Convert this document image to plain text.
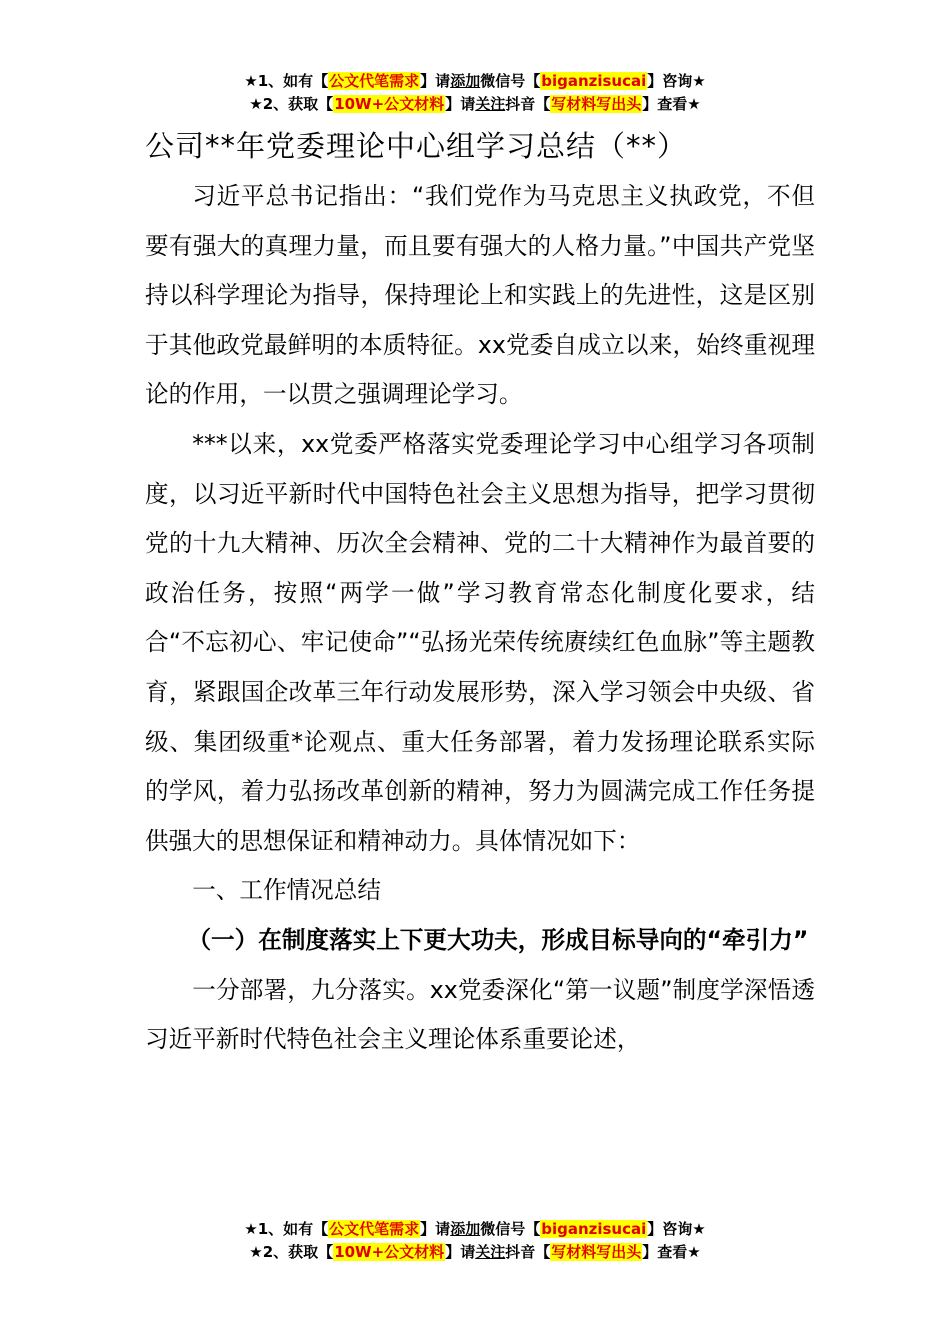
★1、如有【公文代笔需求】请添加微信号【biganzisucai】咨询★
★2、获取【10W+公文材料】请关注抖音【写材料写出头】查看★
公司**年党委理论中心组学习总结（**）

习近平总书记指出：“我们党作为马克思主义执政党，不但要有强大的真理力量，而且要有强大的人格力量。”中国共产党坚持以科学理论为指导，保持理论上和实践上的先进性，这是区别于其他政党最鲜明的本质特征。xx党委自成立以来，始终重视理论的作用，一以贯之强调理论学习。

***以来，xx党委严格落实党委理论学习中心组学习各项制度，以习近平新时代中国特色社会主义思想为指导，把学习贯彻党的十九大精神、历次全会精神、党的二十大精神作为最首要的政治任务，按照“两学一做”学习教育常态化制度化要求，结合“不忘初心、牢记使命”“弘扬光荣传统赓续红色血脉”等主题教育，紧跟国企改革三年行动发展形势，深入学习领会中央级、省级、集团级重*论观点、重大任务部署，着力发扬理论联系实际的学风，着力弘扬改革创新的精神，努力为圆满完成工作任务提供强大的思想保证和精神动力。具体情况如下：

一、工作情况总结

（一）在制度落实上下更大功夫，形成目标导向的“牵引力”

一分部署，九分落实。xx党委深化“第一议题”制度学深悟透习近平新时代特色社会主义理论体系重要论述，

★1、如有【公文代笔需求】请添加微信号【biganzisucai】咨询★
★2、获取【10W+公文材料】请关注抖音【写材料写出头】查看★
